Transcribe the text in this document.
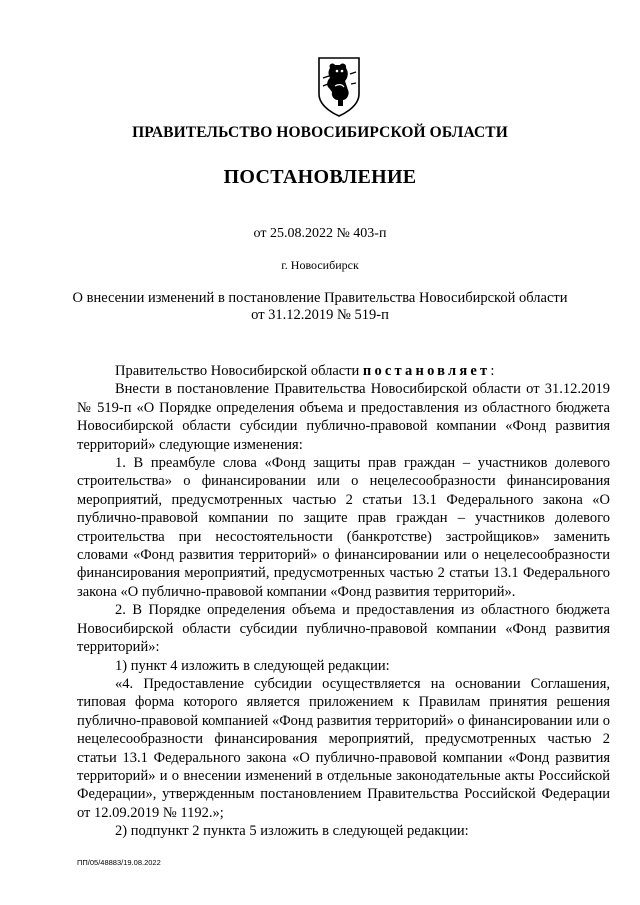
ПРАВИТЕЛЬСТВО НОВОСИБИРСКОЙ ОБЛАСТИ
ПОСТАНОВЛЕНИЕ
от 25.08.2022 № 403-п
г. Новосибирск
О внесении изменений в постановление Правительства Новосибирской области
от 31.12.2019 № 519-п

Правительство Новосибирской области постановляет:

Внести в постановление Правительства Новосибирской области от 31.12.2019 № 519-п «О Порядке определения объема и предоставления из областного бюджета Новосибирской области субсидии публично-правовой компании «Фонд развития территорий» следующие изменения:

1. В преамбуле слова «Фонд защиты прав граждан – участников долевого строительства» о финансировании или о нецелесообразности финансирования мероприятий, предусмотренных частью 2 статьи 13.1 Федерального закона «О публично-правовой компании по защите прав граждан – участников долевого строительства при несостоятельности (банкротстве) застройщиков» заменить словами «Фонд развития территорий» о финансировании или о нецелесообразности финансирования мероприятий, предусмотренных частью 2 статьи 13.1 Федерального закона «О публично-правовой компании «Фонд развития территорий».

2. В Порядке определения объема и предоставления из областного бюджета Новосибирской области субсидии публично-правовой компании «Фонд развития территорий»:

1) пункт 4 изложить в следующей редакции:

«4. Предоставление субсидии осуществляется на основании Соглашения, типовая форма которого является приложением к Правилам принятия решения публично-правовой компанией «Фонд развития территорий» о финансировании или о нецелесообразности финансирования мероприятий, предусмотренных частью 2 статьи 13.1 Федерального закона «О публично-правовой компании «Фонд развития территорий» и о внесении изменений в отдельные законодательные акты Российской Федерации», утвержденным постановлением Правительства Российской Федерации от 12.09.2019 № 1192.»;

2) подпункт 2 пункта 5 изложить в следующей редакции:

ПП/05/48883/19.08.2022
